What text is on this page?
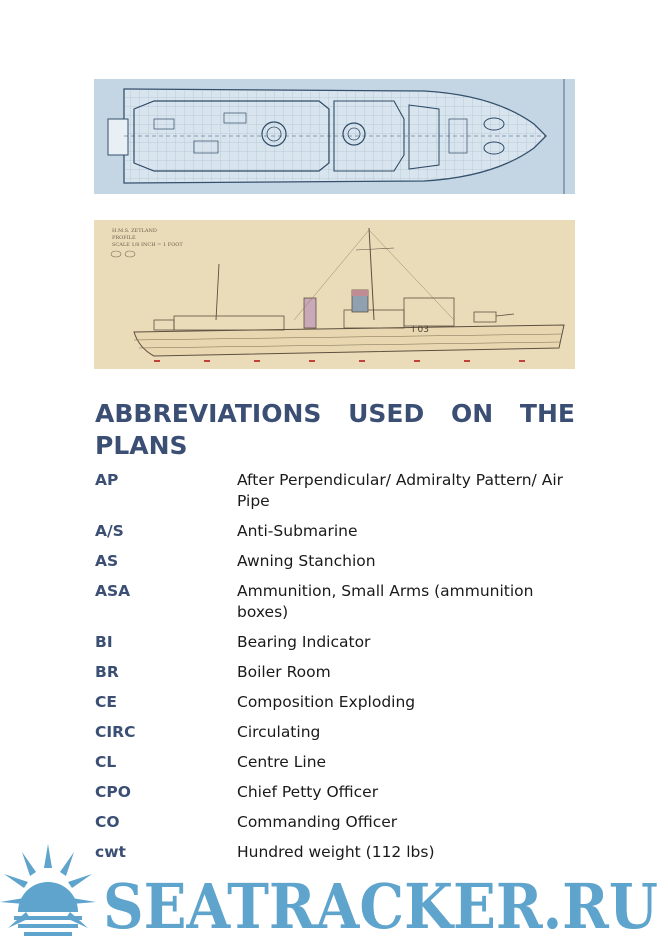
H.M.S. ZETLAND
PROFILE
SCALE 1/8 INCH = 1 FOOT
I 03
ABBREVIATIONS USED ON THE
PLANS
AP	After Perpendicular/ Admiralty Pattern/ Air Pipe
A/S	Anti-Submarine
AS	Awning Stanchion
ASA	Ammunition, Small Arms (ammunition boxes)
BI	Bearing Indicator
BR	Boiler Room
CE	Composition Exploding
CIRC	Circulating
CL	Centre Line
CPO	Chief Petty Officer
CO	Commanding Officer
cwt	Hundred weight (112 lbs)
SEATRACKER.RU
